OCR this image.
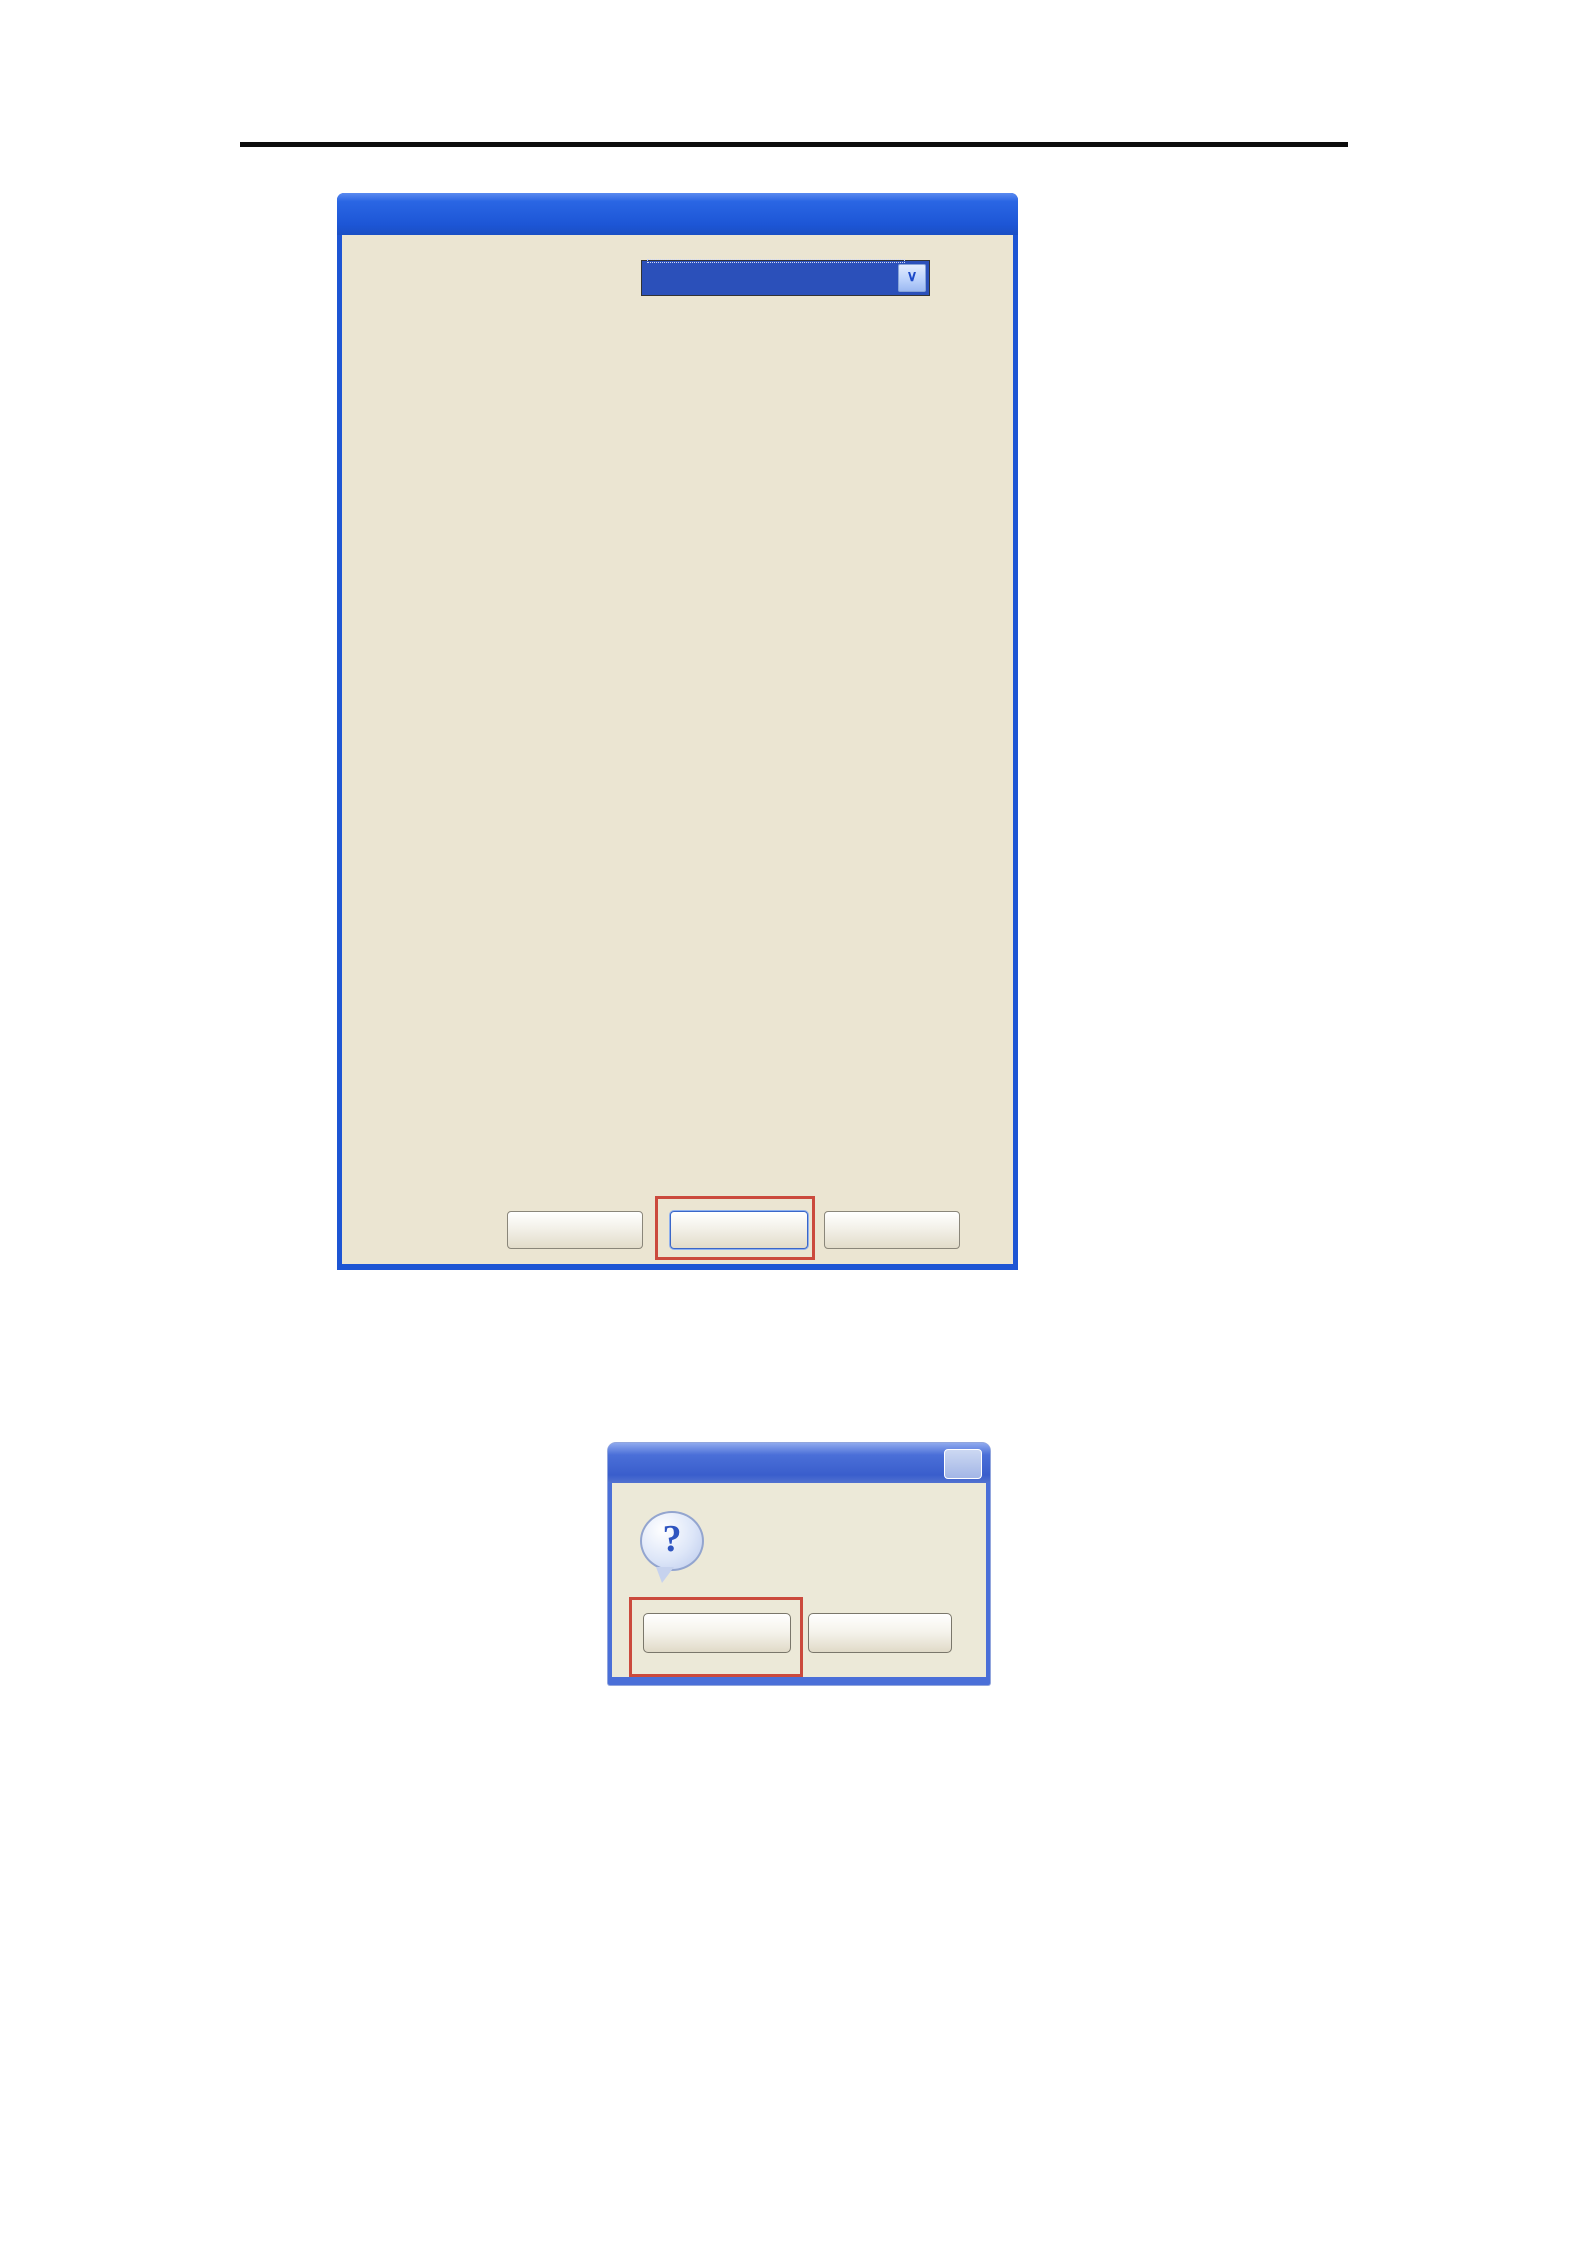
∨
?
